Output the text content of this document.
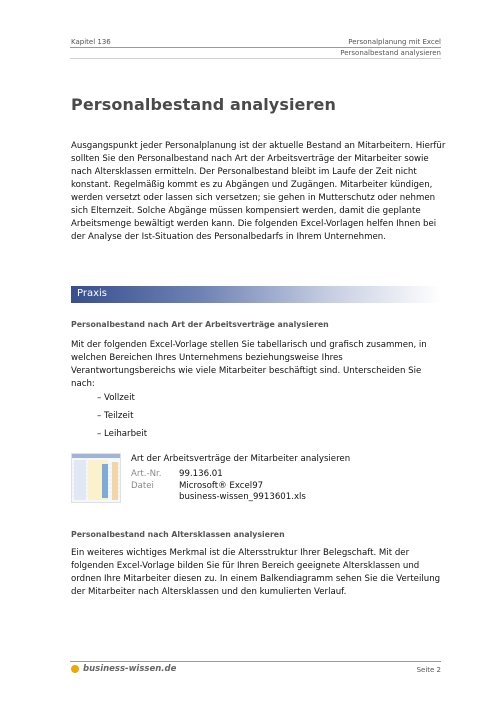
Kapitel 136	Personalplanung mit Excel
Personalbestand analysieren
Personalbestand analysieren

Ausgangspunkt jeder Personalplanung ist der aktuelle Bestand an Mitarbeitern. Hierfür sollten Sie den Personalbestand nach Art der Arbeitsverträge der Mitarbeiter sowie nach Altersklassen ermitteln. Der Personalbestand bleibt im Laufe der Zeit nicht konstant. Regelmäßig kommt es zu Abgängen und Zugängen. Mitarbeiter kündigen, werden versetzt oder lassen sich versetzen; sie gehen in Mutterschutz oder nehmen sich Elternzeit. Solche Abgänge müssen kompensiert werden, damit die geplante Arbeitsmenge bewältigt werden kann. Die folgenden Excel-Vorlagen helfen Ihnen bei der Analyse der Ist-Situation des Personalbedarfs in Ihrem Unternehmen.

Praxis

Personalbestand nach Art der Arbeitsverträge analysieren

Mit der folgenden Excel-Vorlage stellen Sie tabellarisch und grafisch zusammen, in welchen Bereichen Ihres Unternehmens beziehungsweise Ihres Verantwortungsbereichs wie viele Mitarbeiter beschäftigt sind. Unterscheiden Sie nach:

– Vollzeit
– Teilzeit
– Leiharbeit
Art der Arbeitsverträge der Mitarbeiter analysieren
Art.-Nr. 99.136.01
Datei	Microsoft® Excel97
business-wissen_9913601.xls

Personalbestand nach Altersklassen analysieren

Ein weiteres wichtiges Merkmal ist die Altersstruktur Ihrer Belegschaft. Mit der folgenden Excel-Vorlage bilden Sie für Ihren Bereich geeignete Altersklassen und ordnen Ihre Mitarbeiter diesen zu. In einem Balkendiagramm sehen Sie die Verteilung der Mitarbeiter nach Altersklassen und den kumulierten Verlauf.

business-wissen.de	Seite 2
